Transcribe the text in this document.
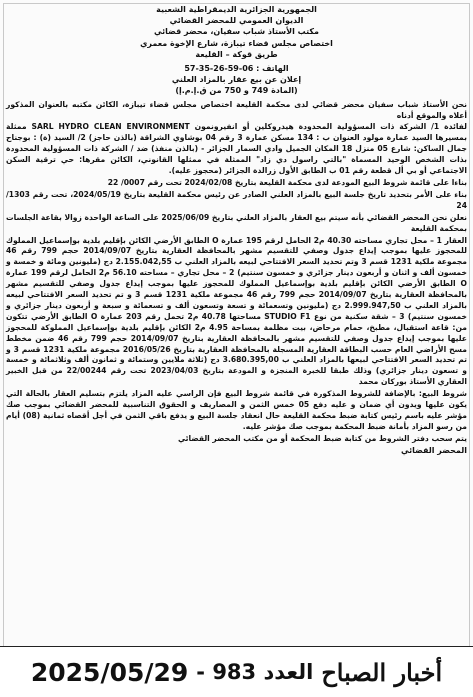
الجمهورية الجزائرية الديمقراطية الشعبية
الديوان العمومي للمحضر القضائي
مكتب الأستاذ شباب سفيان، محضر قضائي
اختصاص مجلس قضاء تيبازة، شارع الإخوة معمري
طريق قوكة – القليعة
الهاتف : 06-59-26-35-57
إعلان عن بيع عقار بالمزاد العلني
(المادة 749 و 750 من ق.إ.م.إ)

نحن الأستاذ شباب سفيان محضر قضائي لدى محكمة القليعة اختصاص مجلس قضاء تيبازة، الكائن مكتبه بالعنوان المذكور أعلاه والموقع أدناه

لفائدة 1/ الشركة ذات المسؤولية المحدودة هيدروكلين أو انفيرونمون SARL HYDRO CLEAN ENVIRONMENT ممثلة بمسيرها السيد عمارة مولود العنوان ب : 134 مسكن عمارة 3 رقم 04 بوشاوي الشراقة (بالذن حاجز) 2/ السيد (ة) : بوجناح جمال الساكن: شارع 05 منزل 18 المكان الجميل وادي السمار الجزائر - (بالذن منفذ) ضد / الشركة ذات المسؤولية المحدودة بذات الشخص الوحيد المسماة "بالتي راسول دي زاد" الممثلة في ممثلها القانوني، الكائن مقرها: حي ترقية السكن الاجتماعي أو بي أل قطعة رقم 01 ب الطابق الأول زرالدة الجزائر (محجوز عليه).

بناءا على قائمة شروط البيع المودعة لدى محكمة القليعة بتاريخ 2024/02/08 تحت رقم 0007/ 22

بناء على الأمر بتحديد تاريخ جلسة البيع بالمزاد العلني الصادر عن رئيس محكمة القليعة بتاريخ 2024/05/19، تحت رقم 1303/ 24

نعلن نحن المحضر القضائي بأنه سيتم بيع العقار بالمزاد العلني بتاريخ 2025/06/09 على الساعة الواحدة زوالا بقاعة الجلسات بمحكمة القليعة

العقار 1 – محل تجاري مساحته 40.30 م2 الحامل لرقم 195 عمارة O الطابق الأرضي الكائن بإقليم بلدية بوإسماعيل المملوك للمحجوز عليها بموجب إيداع جدول وصفي للتقسيم مشهر بالمحافظة العقارية بتاريخ 2014/09/07 حجم 799 رقم 46 مجموعة ملكية 1231 قسم 3 وتم تحديد السعر الافتتاحي لبيعه بالمزاد العلني ب 2.155.042,55 دج (مليونين ومائة و خمسة و خمسون ألف و اثنان و أربعون دينار جزائري و خمسون سنتيم) 2 – محل تجاري – مساحته 56.10 م2 الحامل لرقم 199 عمارة O الطابق الأرضي الكائن بإقليم بلدية بوإسماعيل المملوك للمحجوز عليها بموجب إيداع جدول وصفي للتقسيم مشهر بالمحافظة العقارية بتاريخ 2014/09/07 حجم 799 رقم 46 مجموعة ملكية 1231 قسم 3 و تم تحديد السعر الافتتاحي لبيعه بالمزاد العلني ب 2.999.947,50 دج (مليونين وتسعمائة و تسعة وتسعون ألف و تسعمائة و سبعة و أربعون دينار جزائري و خمسون سنتيم) 3 – شقة سكنية من نوع STUDIO F1 مساحتها 40.78 م2 تحمل رقم 203 عمارة O الطابق الأرضي تتكون من: قاعة استقبال، مطبخ، حمام مرحاض، بيت مظلمة بمساحة 4.95 م2 الكائن بإقليم بلدية بوإسماعيل المملوكة للمحجوز عليها بموجب إيداع جدول وصفي للتقسيم مشهر بالمحافظة العقارية بتاريخ 2014/09/07 حجم 799 رقم 46 ضمن مخطط مسح الأراضي العام حسب البطاقة العقارية المسجلة بالمحافظة العقارية بتاريخ 2016/05/26 مجموعة ملكية 1231 قسم 3 و تم تحديد السعر الافتتاحي لبيعها بالمزاد العلني ب 3.680.395,00 دج (ثلاثة ملايين وستمائة و ثمانون ألف وثلاثمائة و خمسة و تسعون دينار جزائري) وذلك طبقا للخبرة المنجزة و المودعة بتاريخ 2023/04/03 تحت رقم 22/00244 من قبل الخبير العقاري الأستاذ بوركان محمد

شروط البيع: بالإضافة للشروط المذكورة في قائمة شروط البيع فإن الراسي عليه المزاد يلتزم بتسليم العقار بالحالة التي يكون عليها ويدون أي ضمان و عليه دفع 05 خمس الثمن و المصاريف و الحقوق التناسبية للمحضر القضائي بموجب صك مؤشر عليه باسم رئيس كتابة ضبط محكمة القليعة حال انعقاد جلسة البيع و يدفع باقي الثمن في أجل أقصاه ثمانية (08) أيام من رسو المزاد بأمانة ضبط المحكمة بموجب صك مؤشر عليه.

يتم سحب دفتر الشروط من كتابة ضبط المحكمة أو من مكتب المحضر القضائي

المحضر القضائي
أخبار الصباح
العدد 983 -
2025/05/29
